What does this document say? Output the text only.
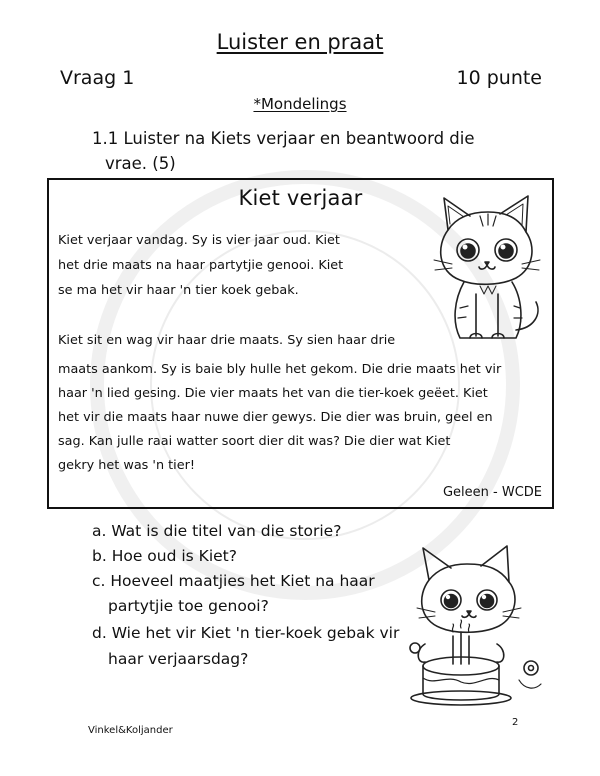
Luister en praat
Vraag 1	10 punte
*Mondelings
1.1 Luister na Kiets verjaar en beantwoord die
vrae. (5)
Kiet verjaar
Kiet verjaar vandag. Sy is vier jaar oud. Kiet
het drie maats na haar partytjie genooi. Kiet
se ma het vir haar 'n tier koek gebak.
Kiet sit en wag vir haar drie maats. Sy sien haar drie
maats aankom. Sy is baie bly hulle het gekom. Die drie maats het vir
haar 'n lied gesing. Die vier maats het van die tier-koek geëet. Kiet
het vir die maats haar nuwe dier gewys. Die dier was bruin, geel en
sag. Kan julle raai watter soort dier dit was? Die dier wat Kiet
gekry het was 'n tier!
Geleen - WCDE
a. Wat is die titel van die storie?
b. Hoe oud is Kiet?
c. Hoeveel maatjies het Kiet na haar
partytjie toe genooi?
d. Wie het vir Kiet 'n tier-koek gebak vir
haar verjaarsdag?
Vinkel&Koljander
2
